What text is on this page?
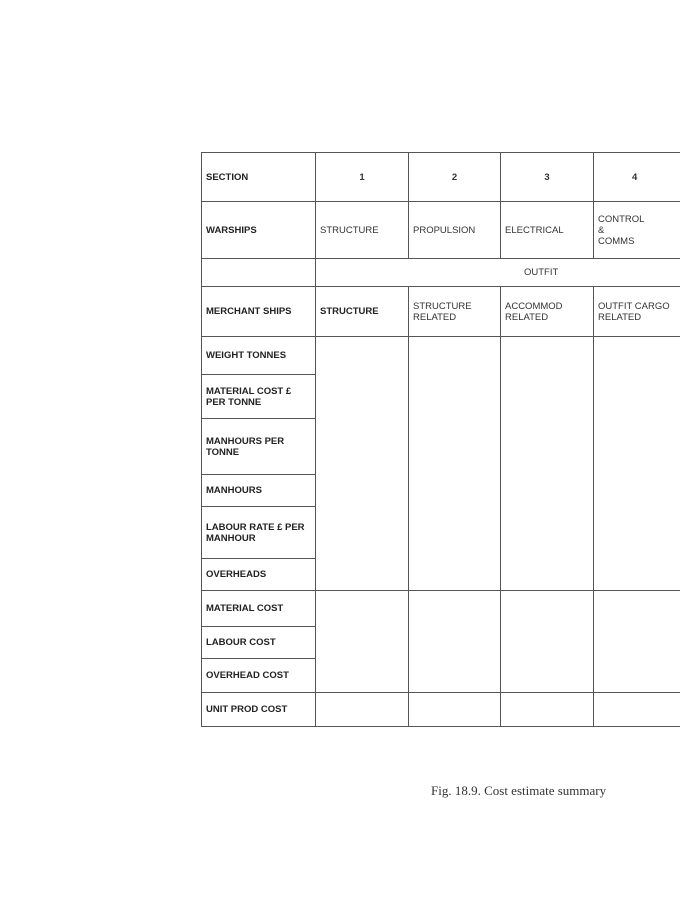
SECTION	1	2	3	4
WARSHIPS	STRUCTURE	PROPULSION	ELECTRICAL	CONTROL & COMMS
	OUTFIT			
MERCHANT SHIPS	STRUCTURE	STRUCTURE RELATED	ACCOMMOD RELATED	OUTFIT CARGO RELATED
WEIGHT TONNES				
MATERIAL COST £ PER TONNE				
MANHOURS PER TONNE				
MANHOURS				
LABOUR RATE £ PER MANHOUR				
OVERHEADS				
MATERIAL COST				
LABOUR COST				
OVERHEAD COST				
UNIT PROD COST				
Fig. 18.9. Cost estimate summary
